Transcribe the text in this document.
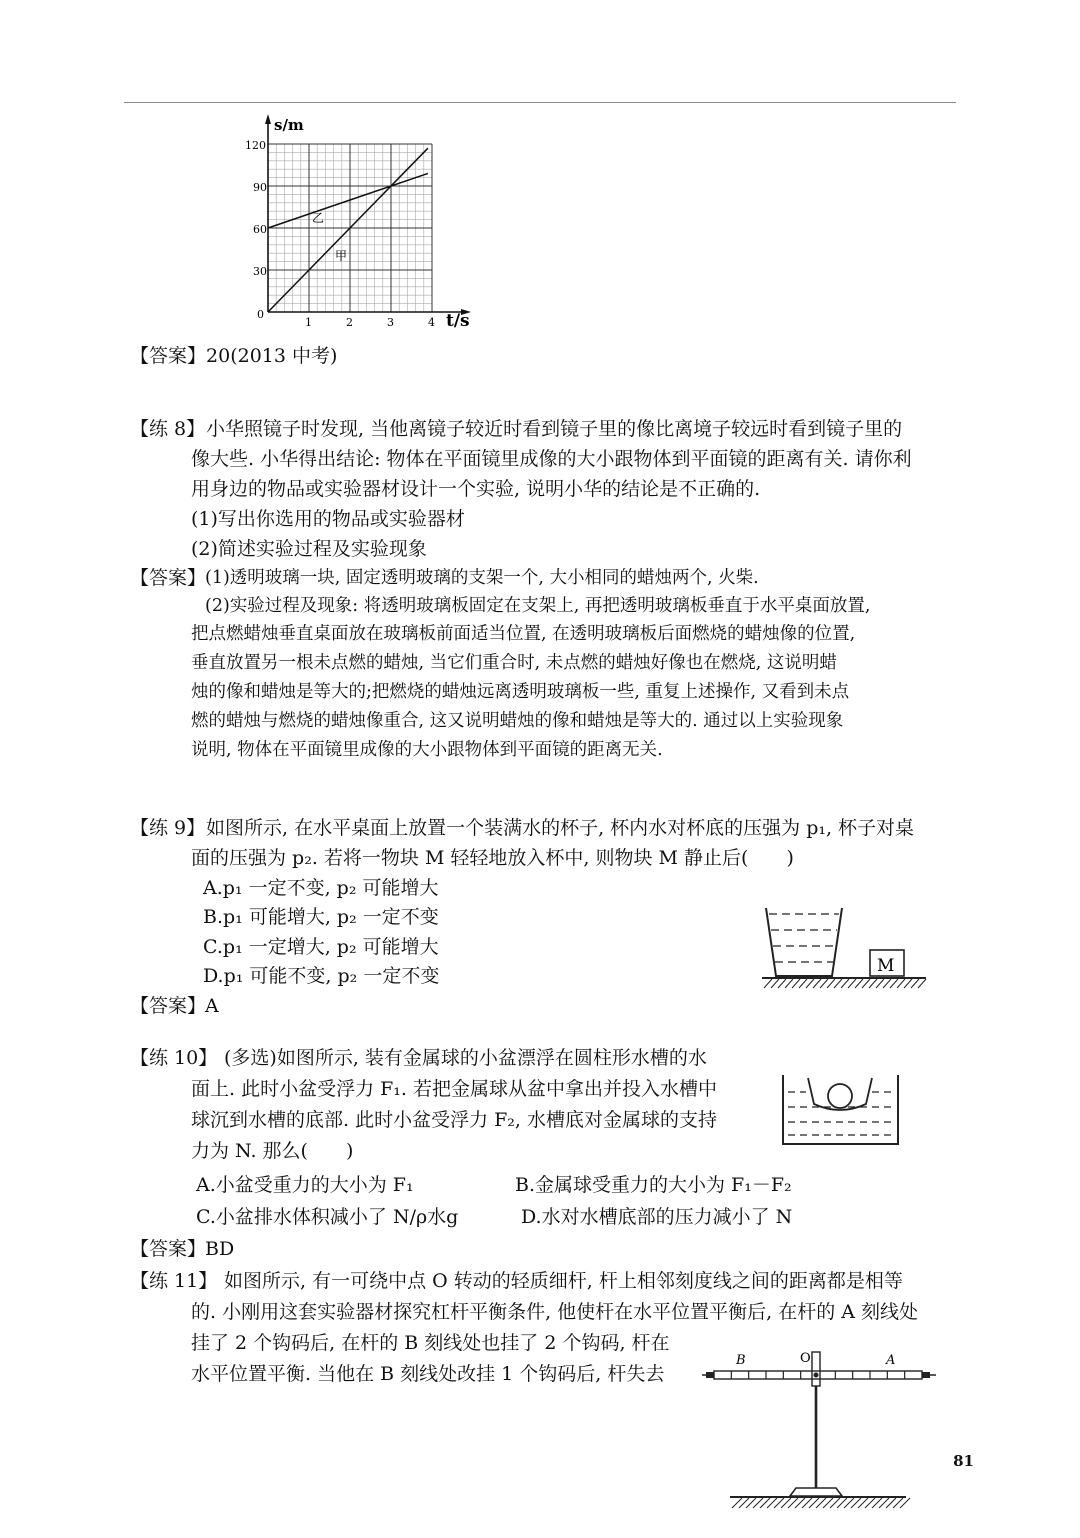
s/m
t/s
120
90
60
30
0
1	2	3	4
乙
甲
【答案】20(2013 中考)
【练 8】 小华照镜子时发现, 当他离镜子较近时看到镜子里的像比离境子较远时看到镜子里的
像大些. 小华得出结论: 物体在平面镜里成像的大小跟物体到平面镜的距离有关. 请你利
用身边的物品或实验器材设计一个实验, 说明小华的结论是不正确的.
(1)写出你选用的物品或实验器材
(2)简述实验过程及实验现象
【答案】
(1)透明玻璃一块, 固定透明玻璃的支架一个, 大小相同的蜡烛两个, 火柴.
(2)实验过程及现象: 将透明玻璃板固定在支架上, 再把透明玻璃板垂直于水平桌面放置,
把点燃蜡烛垂直桌面放在玻璃板前面适当位置, 在透明玻璃板后面燃烧的蜡烛像的位置,
垂直放置另一根未点燃的蜡烛, 当它们重合时, 未点燃的蜡烛好像也在燃烧, 这说明蜡
烛的像和蜡烛是等大的;把燃烧的蜡烛远离透明玻璃板一些, 重复上述操作, 又看到未点
燃的蜡烛与燃烧的蜡烛像重合, 这又说明蜡烛的像和蜡烛是等大的. 通过以上实验现象
说明, 物体在平面镜里成像的大小跟物体到平面镜的距离无关.
【练 9】 如图所示, 在水平桌面上放置一个装满水的杯子, 杯内水对杯底的压强为 p₁, 杯子对桌
面的压强为 p₂. 若将一物块 M 轻轻地放入杯中, 则物块 M 静止后(　　)
A.p₁ 一定不变, p₂ 可能增大
B.p₁ 可能增大, p₂ 一定不变
C.p₁ 一定增大, p₂ 可能增大
D.p₁ 可能不变, p₂ 一定不变
【答案】
A
M
【练 10】 (多选)如图所示, 装有金属球的小盆漂浮在圆柱形水槽的水
面上. 此时小盆受浮力 F₁. 若把金属球从盆中拿出并投入水槽中
球沉到水槽的底部. 此时小盆受浮力 F₂, 水槽底对金属球的支持
力为 N. 那么(　　)
A.小盆受重力的大小为 F₁	B.金属球受重力的大小为 F₁－F₂
C.小盆排水体积减小了 N/ρ水g	D.水对水槽底部的压力减小了 N
【答案】
BD
【练 11】 如图所示, 有一可绕中点 O 转动的轻质细杆, 杆上相邻刻度线之间的距离都是相等
的. 小刚用这套实验器材探究杠杆平衡条件, 他使杆在水平位置平衡后, 在杆的 A 刻线处
挂了 2 个钩码后, 在杆的 B 刻线处也挂了 2 个钩码, 杆在
水平位置平衡. 当他在 B 刻线处改挂 1 个钩码后, 杆失去
B	O	A
81
